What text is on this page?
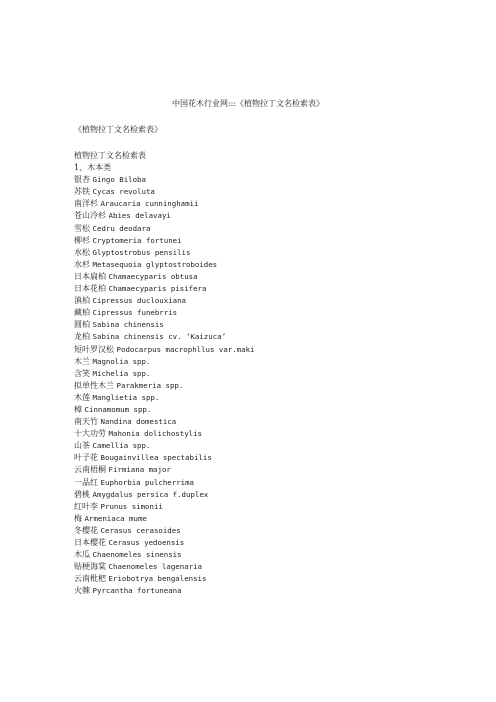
中国花木行业网:::《植物拉丁文名检索表》
《植物拉丁文名检索表》
植物拉丁文名检索表
1、木本类
银杏 Gingo Biloba
苏铁 Cycas revoluta
南洋杉 Araucaria cunninghamii
苍山冷杉 Abies delavayi
雪松 Cedru deodara
柳杉 Cryptomeria fortunei
水松 Glyptostrobus pensilis
水杉 Metasequoia glyptostroboides
日本扁柏 Chamaecyparis obtusa
日本花柏 Chamaecyparis pisifera
滇柏 Cipressus duclouxiana
藏柏 Cipressus funebrris
圆柏 Sabina chinensis
龙柏 Sabina chinensis cv. ‘Kaizuca’
短叶罗汉松 Podocarpus macrophllus var.maki
木兰 Magnolia spp.
含笑 Michelia spp.
拟单性木兰 Parakmeria spp.
木莲 Manglietia spp.
樟 Cinnamomum spp.
南天竹 Nandina domestica
十大功劳 Mahonia dolichostylis
山茶 Camellia spp.
叶子花 Bougainvillea spectabilis
云南梧桐 Firmiana major
一品红 Euphorbia pulcherrima
碧桃 Amygdalus persica f.duplex
红叶李 Prunus simonii
梅 Armeniaca mume
冬樱花 Cerasus cerasoides
日本樱花 Cerasus yedoensis
木瓜 Chaenomeles sinensis
贴梗海棠 Chaenomeles lagenaria
云南枇杷 Eriobotrya bengalensis
火棘 Pyrcantha fortuneana
